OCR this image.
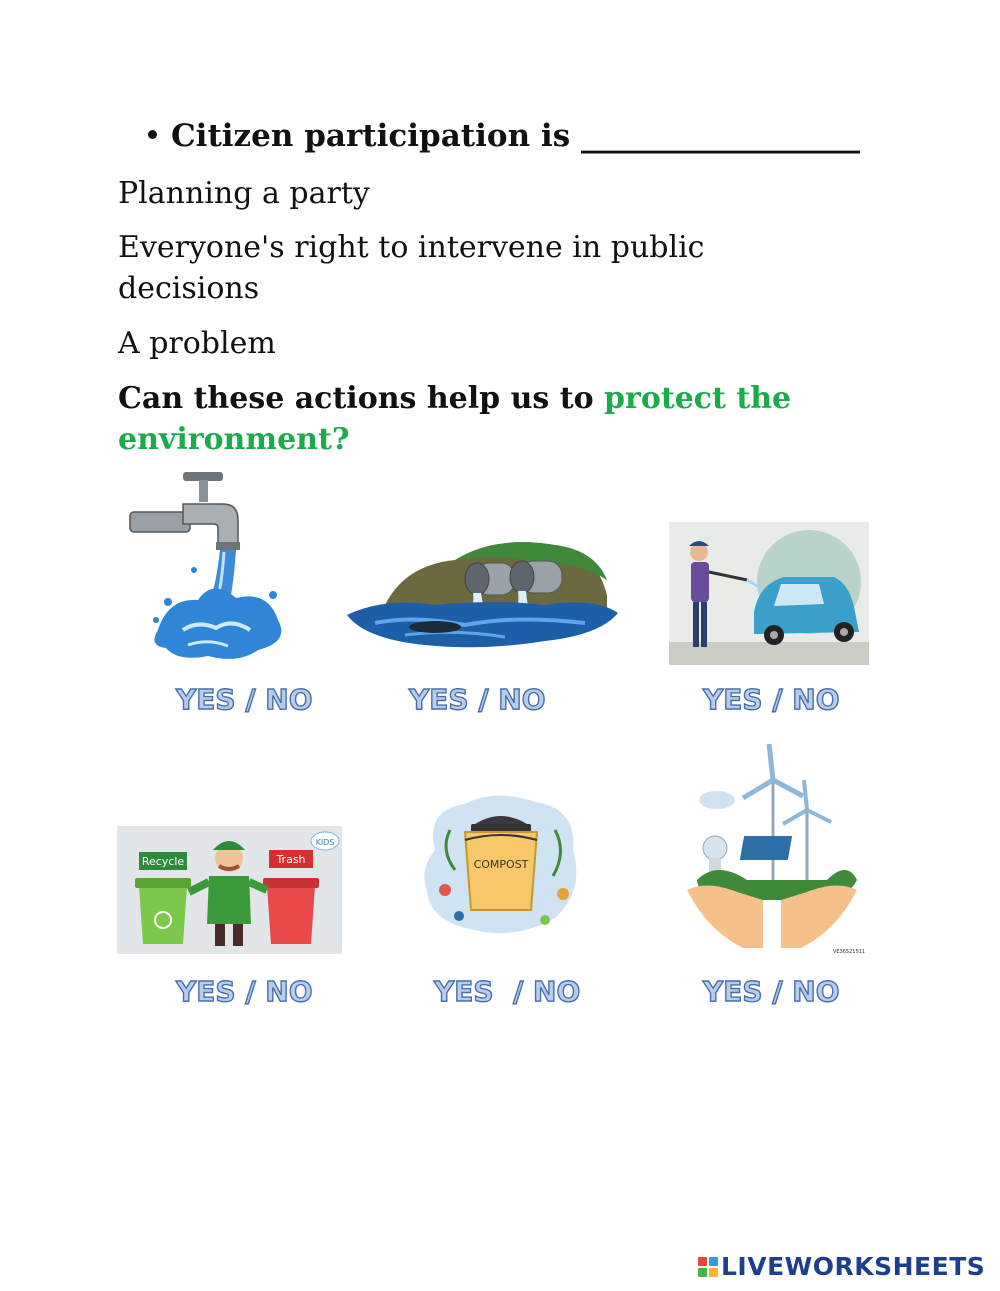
Citizen participation is __________________
Planning a party
Everyone's right to intervene in public decisions
A problem
Can these actions help us to protect the environment?
YES / NO	YES / NO	YES / NO
Recycle	Trash
KIDS
COMPOST
VE36521511
YES / NO	YES  / NO	YES / NO
LIVEWORKSHEETS
